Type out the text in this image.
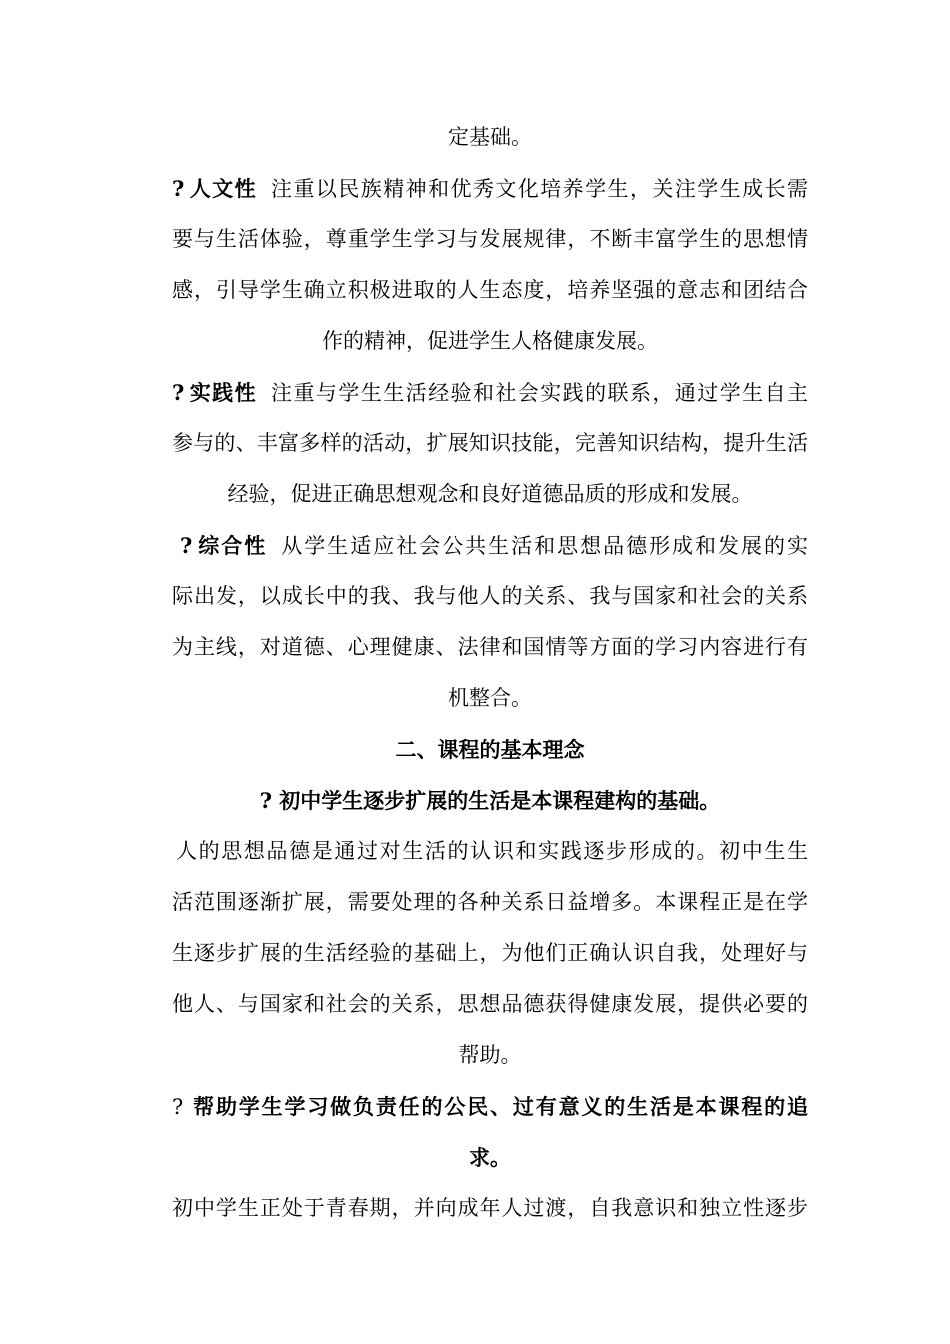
定基础。
? 人文性 注重以民族精神和优秀文化培养学生，关注学生成长需
要与生活体验，尊重学生学习与发展规律，不断丰富学生的思想情
感，引导学生确立积极进取的人生态度，培养坚强的意志和团结合
作的精神，促进学生人格健康发展。
? 实践性 注重与学生生活经验和社会实践的联系，通过学生自主
参与的、丰富多样的活动，扩展知识技能，完善知识结构，提升生活
经验，促进正确思想观念和良好道德品质的形成和发展。
? 综合性 从学生适应社会公共生活和思想品德形成和发展的实
际出发，以成长中的我、我与他人的关系、我与国家和社会的关系
为主线，对道德、心理健康、法律和国情等方面的学习内容进行有
机整合。
二、课程的基本理念
? 初中学生逐步扩展的生活是本课程建构的基础。
人的思想品德是通过对生活的认识和实践逐步形成的。初中生生
活范围逐渐扩展，需要处理的各种关系日益增多。本课程正是在学
生逐步扩展的生活经验的基础上，为他们正确认识自我，处理好与
他人、与国家和社会的关系，思想品德获得健康发展，提供必要的
帮助。
? 帮助学生学习做负责任的公民、过有意义的生活是本课程的追
求。
初中学生正处于青春期，并向成年人过渡，自我意识和独立性逐步
